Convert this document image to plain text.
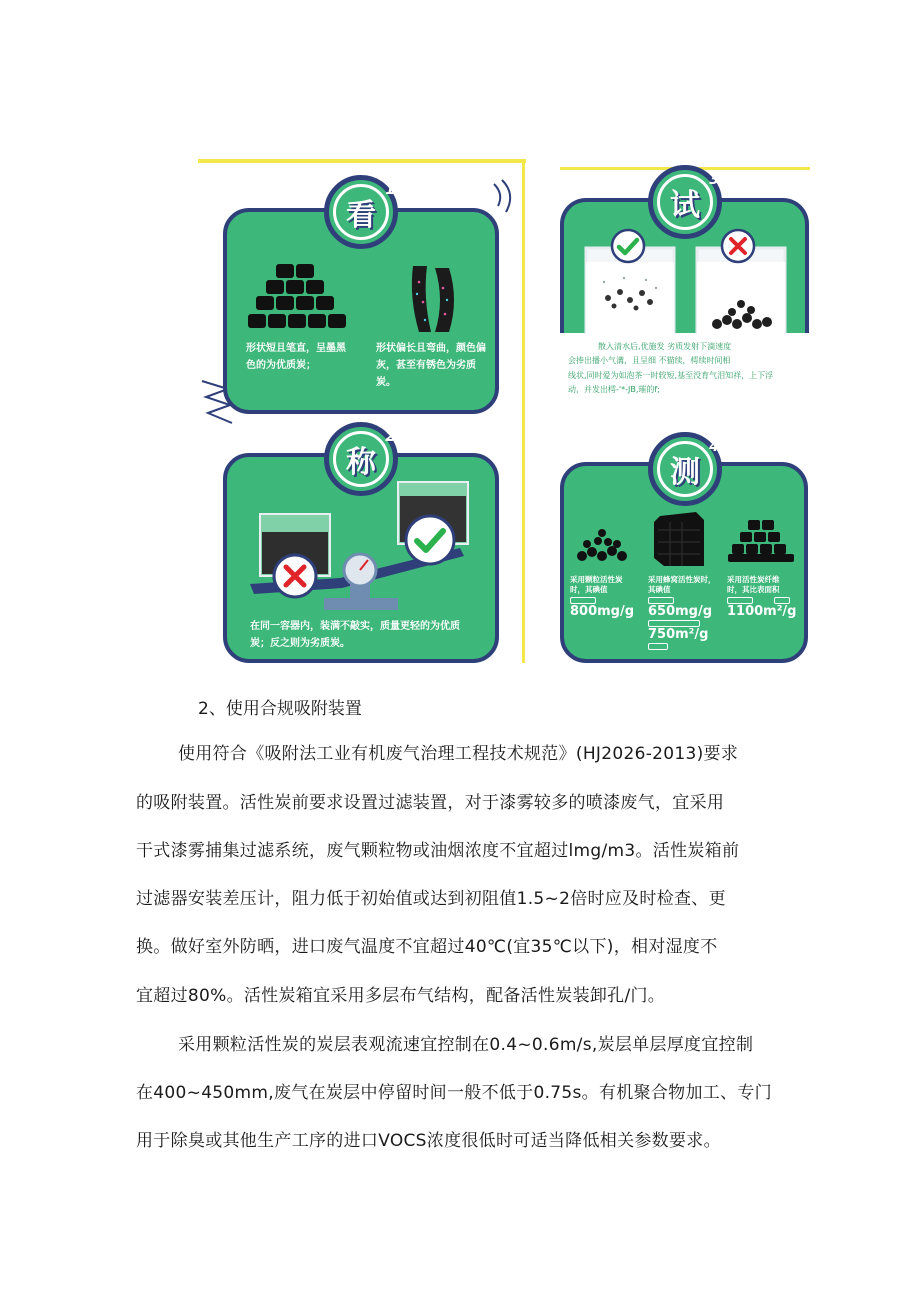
看
1
形状短且笔直，呈墨黑色的为优质炭；
形状偏长且弯曲，颜色偏灰，甚至有锈色为劣质炭。
称
2
在同一容器内，装满不敲实，质量更轻的为优质炭；反之则为劣质炭。
试
3
散入清水后,优施发 劣质发射下滴速度
会捧出播小气溝，且呈细 不猫续，樗续时间相
线状,同时爱为如泡茶一时较短,基至没育气泪知祥，上下浮
动，并发出樗-'*-JB,璀的f;
测
4
采用颗粒活性炭时，其碘值
800mg/g
采用蜂窝活性炭时，其碘值
650mg/g
750m²/g
采用活性炭纤维时，其比表面积
1100m²/g
2、使用合规吸附装置
使用符合《吸附法工业有机废气治理工程技术规范》(HJ2026-2013)要求
的吸附装置。活性炭前要求设置过滤装置，对于漆雾较多的喷漆废气，宜采用
干式漆雾捕集过滤系统，废气颗粒物或油烟浓度不宜超过lmg/m3。活性炭箱前
过滤器安装差压计，阻力低于初始值或达到初阻值1.5~2倍时应及时检查、更
换。做好室外防晒，进口废气温度不宜超过40℃(宜35℃以下)，相对湿度不
宜超过80%。活性炭箱宜采用多层布气结构，配备活性炭装卸孔/门。
采用颗粒活性炭的炭层表观流速宜控制在0.4~0.6m∕s,炭层单层厚度宜控制
在400~450mm,废气在炭层中停留时间一般不低于0.75s。有机聚合物加工、专门
用于除臭或其他生产工序的进口VOCS浓度很低时可适当降低相关参数要求。
